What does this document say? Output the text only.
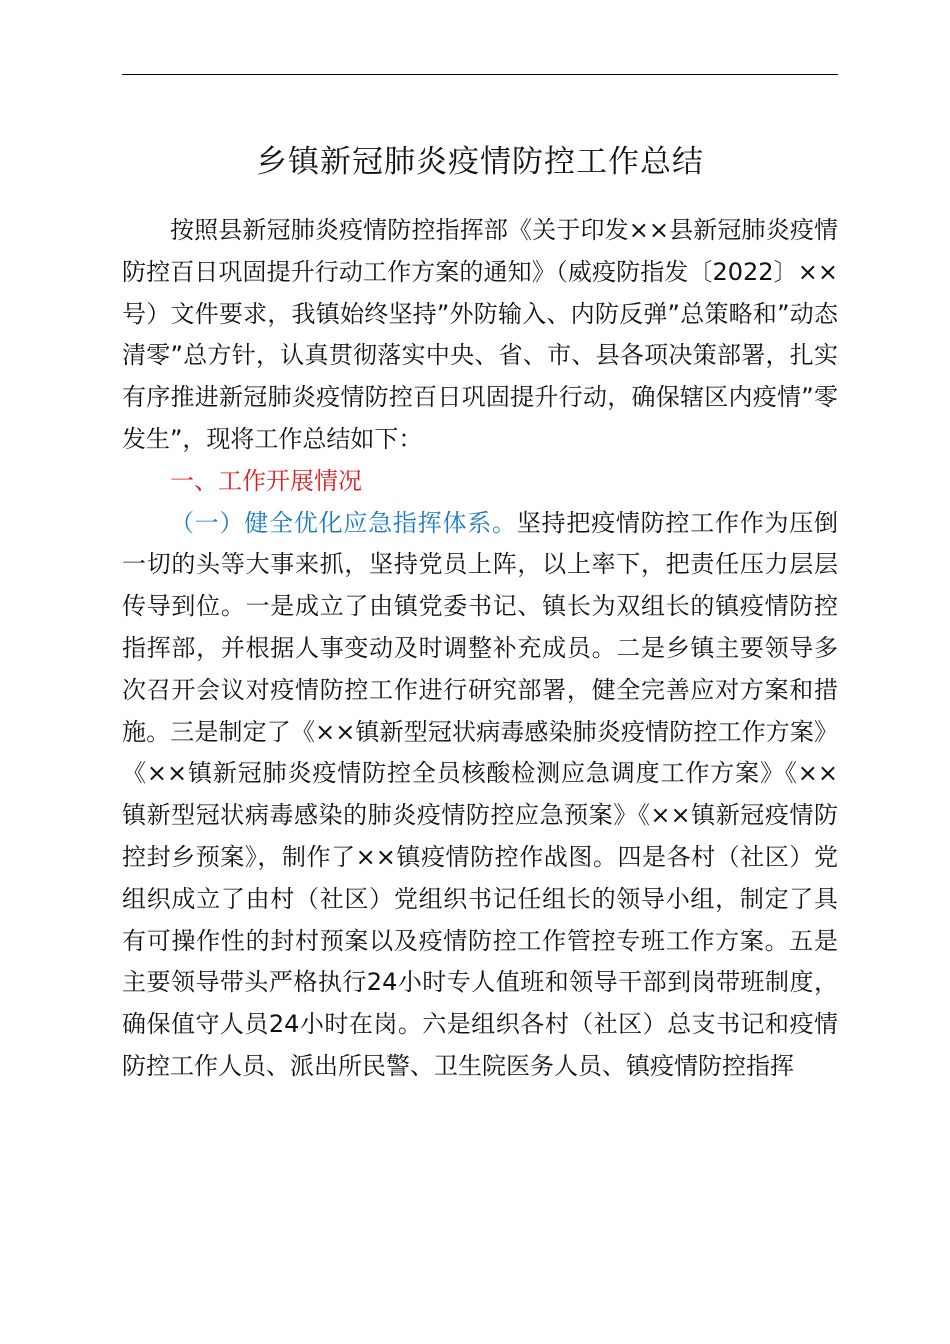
乡镇新冠肺炎疫情防控工作总结

按照县新冠肺炎疫情防控指挥部《关于印发××县新冠肺炎疫情防控百日巩固提升行动工作方案的通知》（威疫防指发〔2022〕××号）文件要求，我镇始终坚持”外防输入、内防反弹”总策略和”动态清零”总方针，认真贯彻落实中央、省、市、县各项决策部署，扎实有序推进新冠肺炎疫情防控百日巩固提升行动，确保辖区内疫情”零发生”，现将工作总结如下：

一、工作开展情况

（一）健全优化应急指挥体系。坚持把疫情防控工作作为压倒一切的头等大事来抓，坚持党员上阵，以上率下，把责任压力层层传导到位。一是成立了由镇党委书记、镇长为双组长的镇疫情防控指挥部，并根据人事变动及时调整补充成员。二是乡镇主要领导多次召开会议对疫情防控工作进行研究部署，健全完善应对方案和措施。三是制定了《××镇新型冠状病毒感染肺炎疫情防控工作方案》《××镇新冠肺炎疫情防控全员核酸检测应急调度工作方案》《××镇新型冠状病毒感染的肺炎疫情防控应急预案》《××镇新冠疫情防控封乡预案》，制作了××镇疫情防控作战图。四是各村（社区）党组织成立了由村（社区）党组织书记任组长的领导小组，制定了具有可操作性的封村预案以及疫情防控工作管控专班工作方案。五是主要领导带头严格执行24小时专人值班和领导干部到岗带班制度，确保值守人员24小时在岗。六是组织各村（社区）总支书记和疫情防控工作人员、派出所民警、卫生院医务人员、镇疫情防控指挥
